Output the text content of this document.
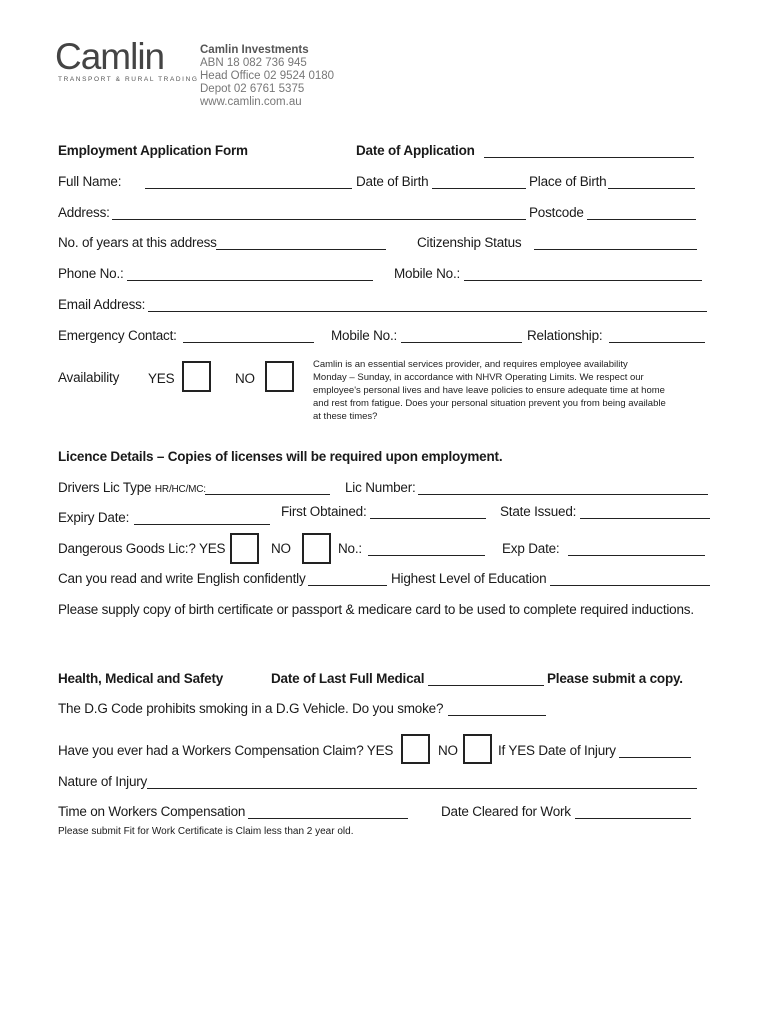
Camlin
TRANSPORT & RURAL TRADING
Camlin Investments
ABN 18 082 736 945
Head Office 02 9524 0180
Depot 02 6761 5375
www.camlin.com.au
Employment Application Form	Date of Application
Full Name:	Date of Birth	Place of Birth
Address:	Postcode
No. of years at this address	Citizenship Status
Phone No.:	Mobile No.:
Email Address:
Emergency Contact:	Mobile No.:	Relationship:
Availability YES	NO
Camlin is an essential services provider, and requires employee availability
Monday – Sunday, in accordance with NHVR Operating Limits. We respect our
employee's personal lives and have leave policies to ensure adequate time at home
and rest from fatigue. Does your personal situation prevent you from being available
at these times?
Licence Details – Copies of licenses will be required upon employment.
Drivers Lic Type HR/HC/MC:	Lic Number:
Expiry Date:	First Obtained:	State Issued:
Dangerous Goods Lic:? YES	NO	No.:	Exp Date:
Can you read and write English confidently	Highest Level of Education
Please supply copy of birth certificate or passport & medicare card to be used to complete required inductions.
Health, Medical and Safety	Date of Last Full Medical	Please submit a copy.
The D.G Code prohibits smoking in a D.G Vehicle. Do you smoke?
Have you ever had a Workers Compensation Claim? YES	NO	If YES Date of Injury
Nature of Injury
Time on Workers Compensation	Date Cleared for Work
Please submit Fit for Work Certificate is Claim less than 2 year old.
